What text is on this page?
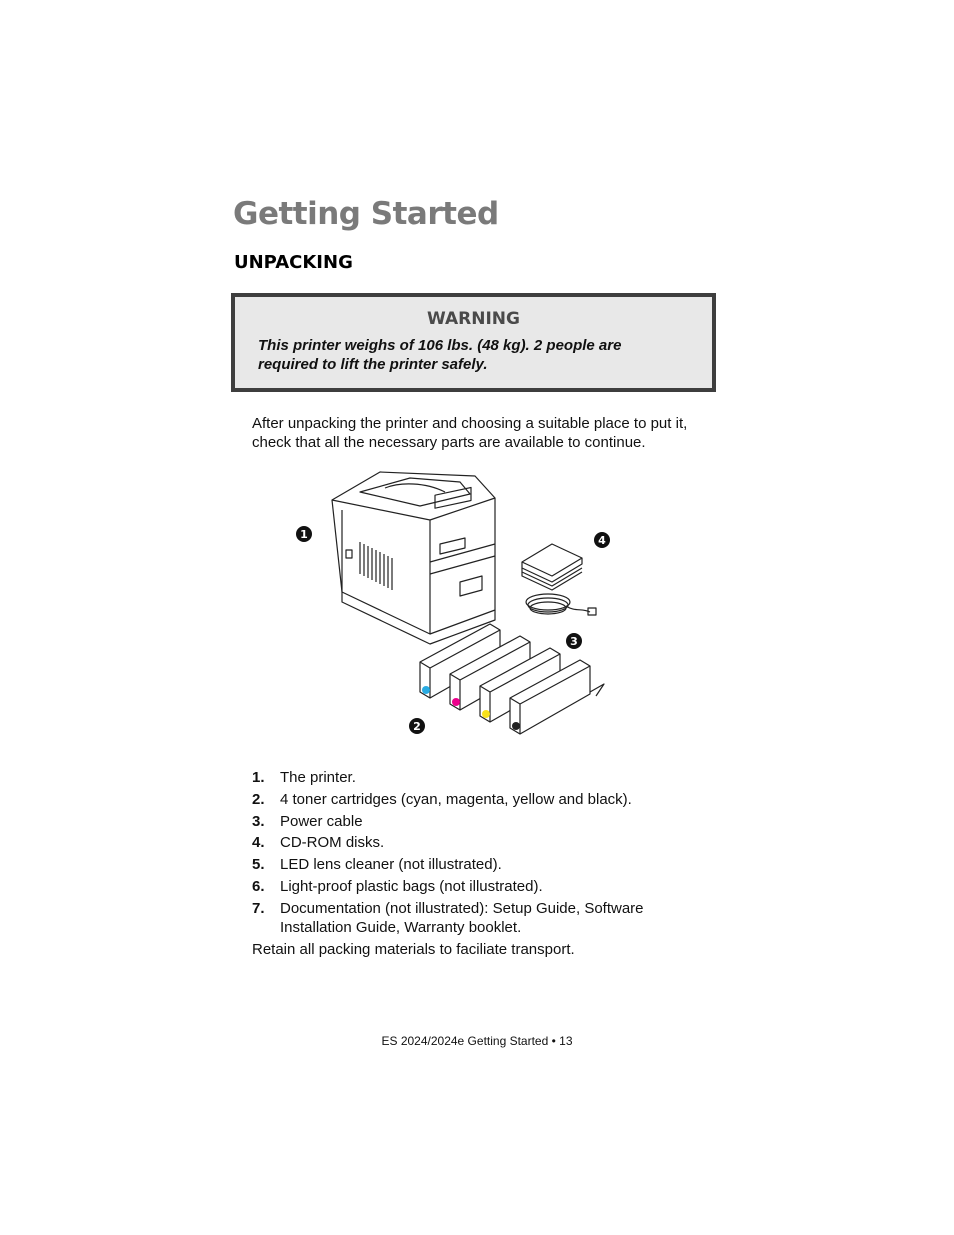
Getting Started
UNPACKING
WARNING
This printer weighs of 106 lbs. (48 kg). 2 people are required to lift the printer safely.

After unpacking the printer and choosing a suitable place to put it, check that all the necessary parts are available to continue.

1
2
3
4
1.	The printer.
2.	4 toner cartridges (cyan, magenta, yellow and black).
3.	Power cable
4.	CD-ROM disks.
5.	LED lens cleaner (not illustrated).
6.	Light-proof plastic bags (not illustrated).
7.	Documentation (not illustrated): Setup Guide, Software Installation Guide, Warranty booklet.

Retain all packing materials to faciliate transport.

ES 2024/2024e Getting Started • 13
